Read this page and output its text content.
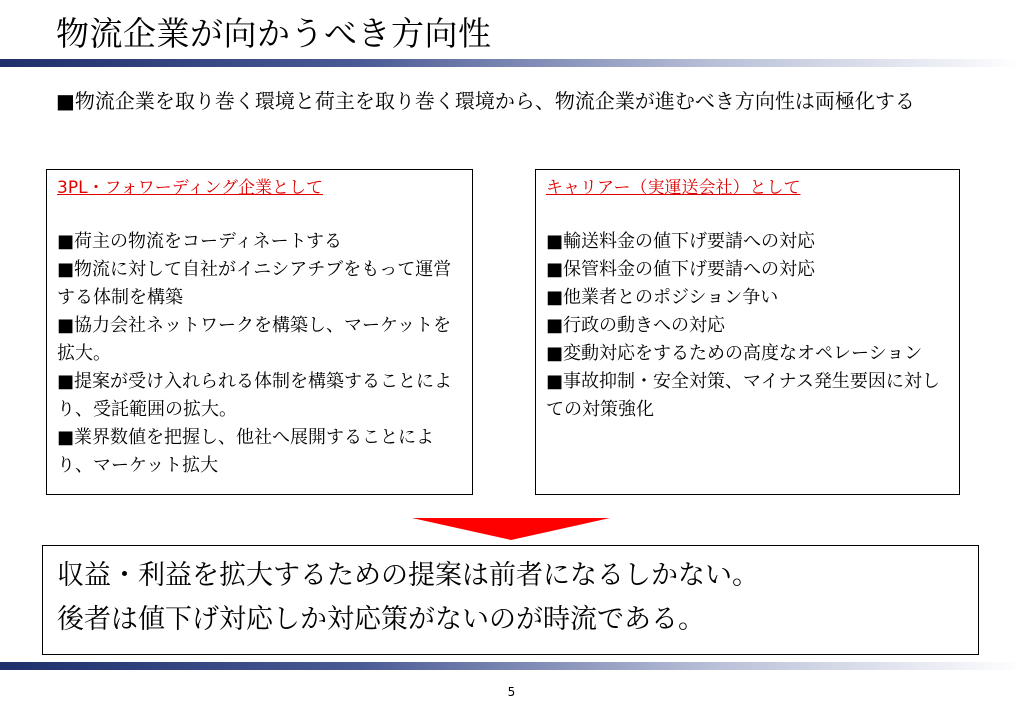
物流企業が向かうべき方向性
■物流企業を取り巻く環境と荷主を取り巻く環境から、物流企業が進むべき方向性は両極化する
3PL・フォワーディング企業として
■荷主の物流をコーディネートする
■物流に対して自社がイニシアチブをもって運営する体制を構築
■協力会社ネットワークを構築し、マーケットを拡大。
■提案が受け入れられる体制を構築することにより、受託範囲の拡大。
■業界数値を把握し、他社へ展開することにより、マーケット拡大
キャリアー（実運送会社）として
■輸送料金の値下げ要請への対応
■保管料金の値下げ要請への対応
■他業者とのポジション争い
■行政の動きへの対応
■変動対応をするための高度なオペレーション
■事故抑制・安全対策、マイナス発生要因に対しての対策強化
収益・利益を拡大するための提案は前者になるしかない。
後者は値下げ対応しか対応策がないのが時流である。
5
